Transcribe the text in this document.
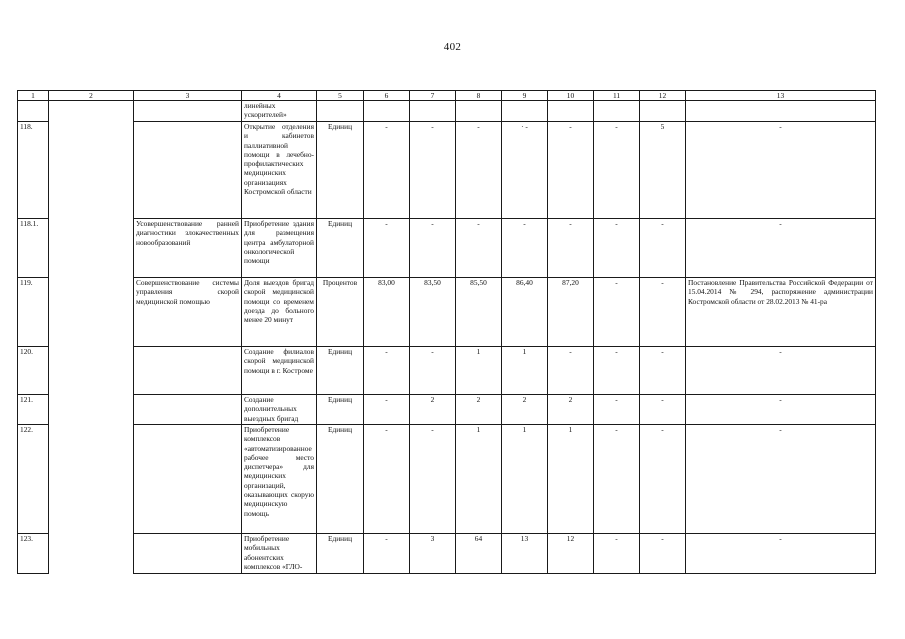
402
1	2	3	4	5	6	7	8	9	10	11	12	13
			линейных ускорителей»									
118.			Открытие отделения и кабинетов паллиативной помощи в лечебно-профилактических медицинских организациях Костромской области	Единиц	-	-	-	· -	-	-	5	-
118.1.		Усовершенствование ранней диагностики злокачественных новообразований	Приобретение здания для размещения центра амбулаторной онкологической помощи	Единиц	-	-	-	-	-	-	-	-
119.		Совершенствование системы управления скорой медицинской помощью	Доля выездов бригад скорой медицинской помощи со временем доезда до больного менее 20 минут	Процентов	83,00	83,50	85,50	86,40	87,20	-	-	Постановление Правительства Российской Федерации от 15.04.2014 № 294, распоряжение администрации Костромской области от 28.02.2013 № 41-ра
120.			Создание филиалов скорой медицинской помощи в г. Костроме	Единиц	-	-	1	1	-	-	-	-
121.			Создание дополнительных выездных бригад	Единиц	-	2	2	2	2	-	-	-
122.			Приобретение комплексов «автоматизированное рабочее место диспетчера» для медицинских организаций, оказывающих скорую медицинскую помощь	Единиц	-	-	1	1	1	-	-	-
123.			Приобретение мобильных абонентских комплексов «ГЛО-	Единиц	-	3	64	13	12	-	-	-
